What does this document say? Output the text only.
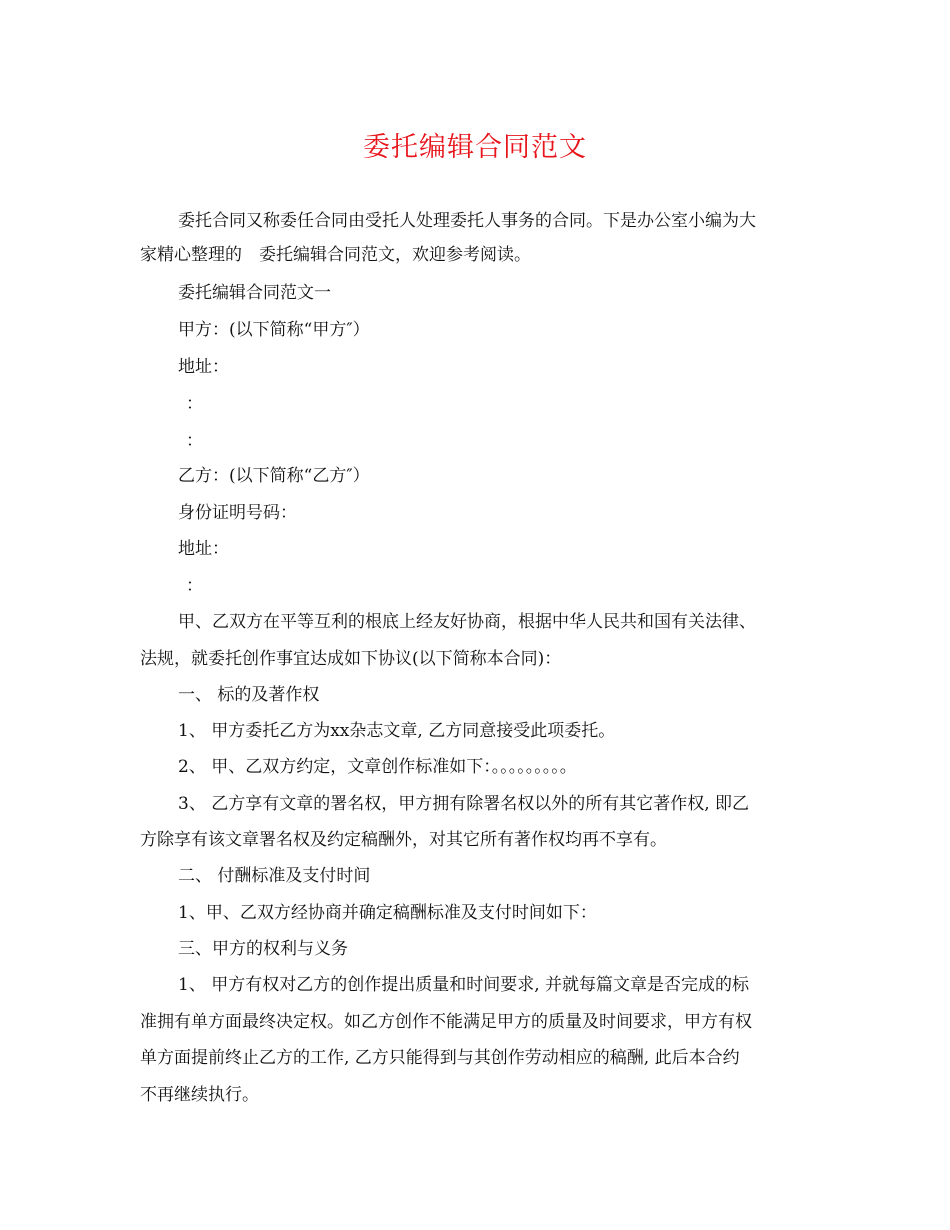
委托编辑合同范文
委托合同又称委任合同由受托人处理委托人事务的合同。下是办公室小编为大
家精心整理的　委托编辑合同范文，欢迎参考阅读。
委托编辑合同范文一
甲方：(以下简称“甲方″）
地址：
：
：
乙方：(以下简称“乙方″）
身份证明号码：
地址：
：
甲、乙双方在平等互利的根底上经友好协商，根据中华人民共和国有关法律、
法规，就委托创作事宜达成如下协议(以下简称本合同)：
一、 标的及著作权
1、 甲方委托乙方为xx杂志文章, 乙方同意接受此项委托。
2、 甲、乙双方约定，文章创作标准如下：。。。。。。。。。
3、 乙方享有文章的署名权，甲方拥有除署名权以外的所有其它著作权, 即乙
方除享有该文章署名权及约定稿酬外，对其它所有著作权均再不享有。
二、 付酬标准及支付时间
1、甲、乙双方经协商并确定稿酬标准及支付时间如下：
三、甲方的权利与义务
1、 甲方有权对乙方的创作提出质量和时间要求, 并就每篇文章是否完成的标
准拥有单方面最终决定权。如乙方创作不能满足甲方的质量及时间要求，甲方有权
单方面提前终止乙方的工作, 乙方只能得到与其创作劳动相应的稿酬, 此后本合约
不再继续执行。
